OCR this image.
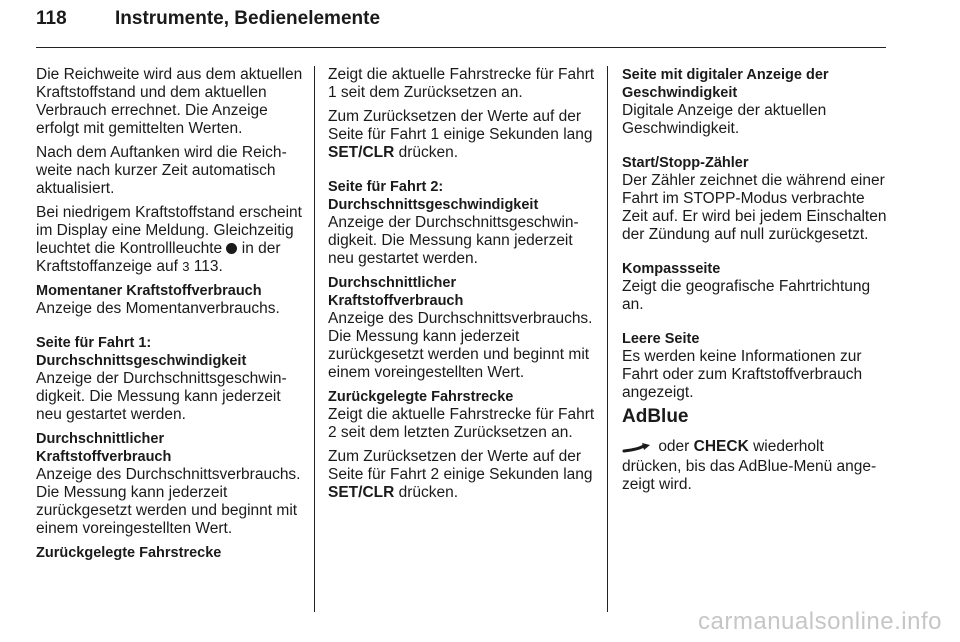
118	Instrumente, Bedienelemente

Die Reichweite wird aus dem aktuellen Kraftstoffstand und dem aktuellen Verbrauch errechnet. Die Anzeige erfolgt mit gemittelten Werten.

Nach dem Auftanken wird die Reichweite nach kurzer Zeit automatisch aktualisiert.

Bei niedrigem Kraftstoffstand erscheint im Display eine Meldung. Gleichzeitig leuchtet die Kontrollleuchte in der Kraftstoffanzeige auf 3 113.

Momentaner Kraftstoffverbrauch

Anzeige des Momentanverbrauchs.

Seite für Fahrt 1:
Durchschnittsgeschwindigkeit

Anzeige der Durchschnittsgeschwindigkeit. Die Messung kann jederzeit neu gestartet werden.

Durchschnittlicher
Kraftstoffverbrauch

Anzeige des Durchschnittsverbrauchs. Die Messung kann jederzeit zurückgesetzt werden und beginnt mit einem voreingestellten Wert.

Zurückgelegte Fahrstrecke

Zeigt die aktuelle Fahrstrecke für Fahrt 1 seit dem Zurücksetzen an.

Zum Zurücksetzen der Werte auf der Seite für Fahrt 1 einige Sekunden lang SET/CLR drücken.

Seite für Fahrt 2:
Durchschnittsgeschwindigkeit

Anzeige der Durchschnittsgeschwindigkeit. Die Messung kann jederzeit neu gestartet werden.

Durchschnittlicher
Kraftstoffverbrauch

Anzeige des Durchschnittsverbrauchs. Die Messung kann jederzeit zurückgesetzt werden und beginnt mit einem voreingestellten Wert.

Zurückgelegte Fahrstrecke

Zeigt die aktuelle Fahrstrecke für Fahrt 2 seit dem letzten Zurücksetzen an.

Zum Zurücksetzen der Werte auf der Seite für Fahrt 2 einige Sekunden lang SET/CLR drücken.

Seite mit digitaler Anzeige der
Geschwindigkeit

Digitale Anzeige der aktuellen Geschwindigkeit.

Start/Stopp-Zähler

Der Zähler zeichnet die während einer Fahrt im STOPP-Modus verbrachte Zeit auf. Er wird bei jedem Einschalten der Zündung auf null zurückgesetzt.

Kompassseite

Zeigt die geografische Fahrtrichtung an.

Leere Seite

Es werden keine Informationen zur Fahrt oder zum Kraftstoffverbrauch angezeigt.

AdBlue

oder CHECK wiederholt
drücken, bis das AdBlue-Menü angezeigt wird.

carmanualsonline.info
